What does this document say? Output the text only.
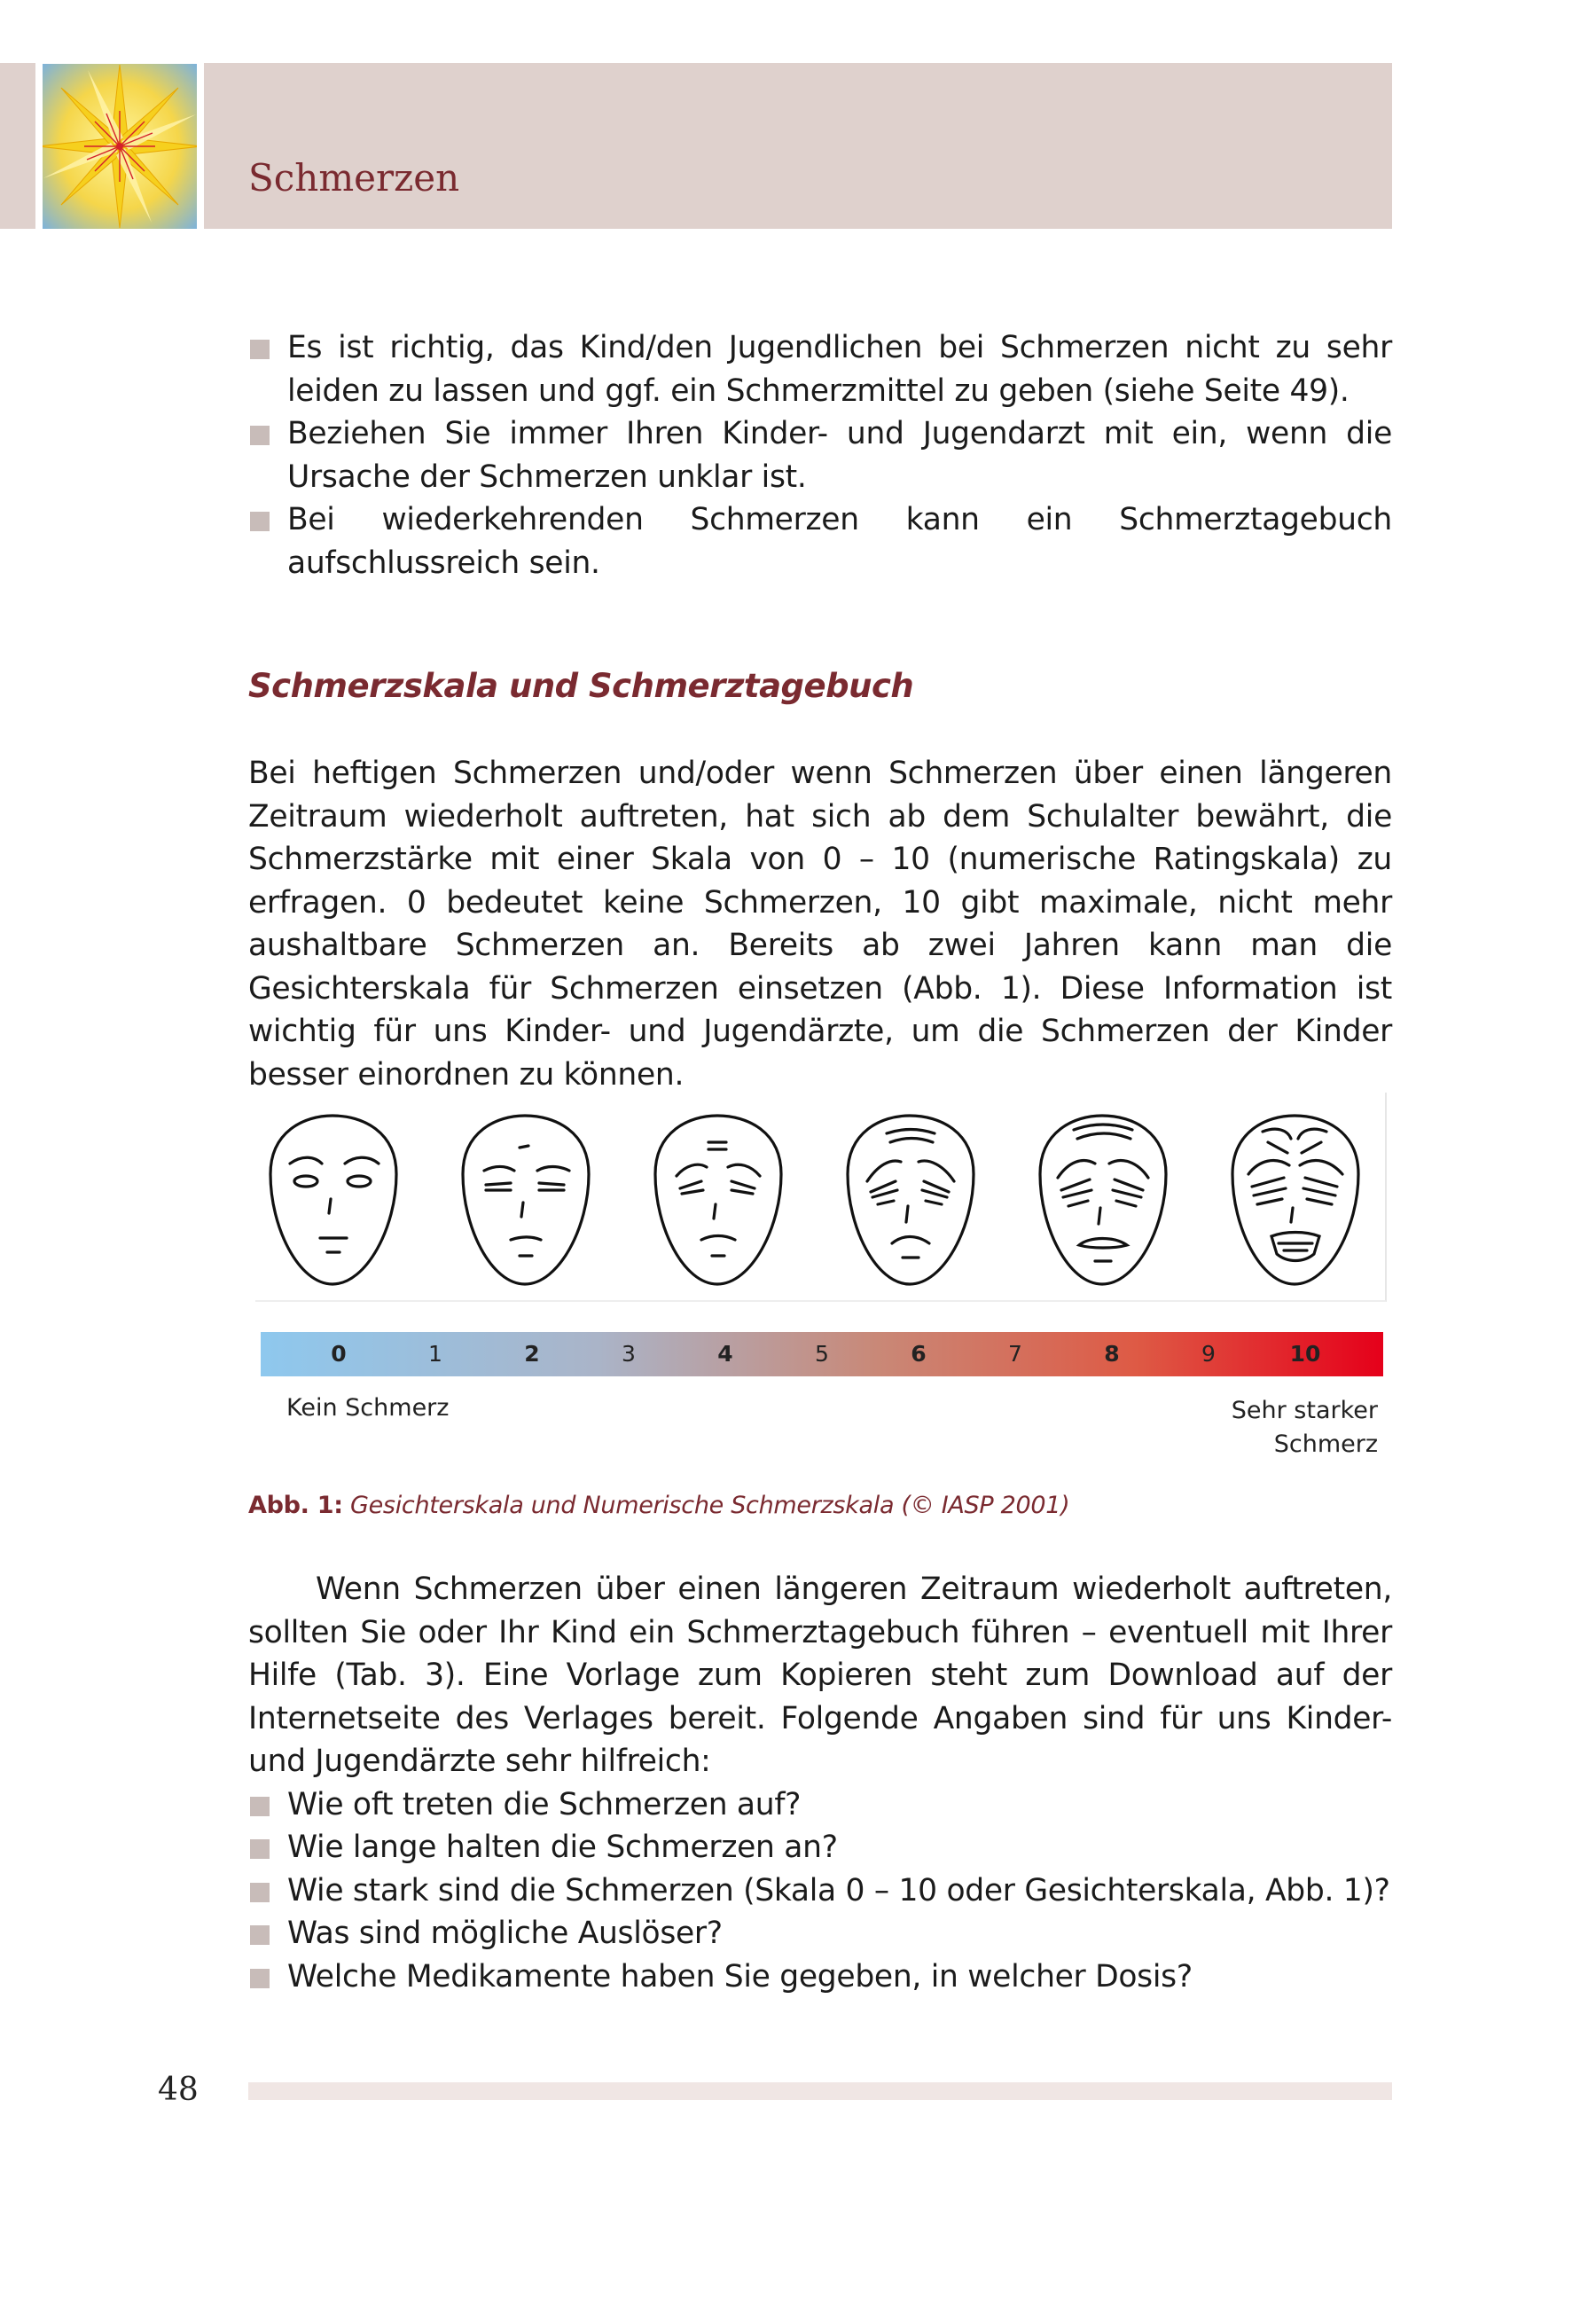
Schmerzen
Es ist richtig, das Kind/den Jugendlichen bei Schmerzen nicht zu sehr leiden zu lassen und ggf. ein Schmerzmittel zu geben (siehe Seite 49).
Beziehen Sie immer Ihren Kinder- und Jugendarzt mit ein, wenn die Ursache der Schmerzen unklar ist.
Bei wiederkehrenden Schmerzen kann ein Schmerztagebuch aufschlussreich sein.
Schmerzskala und Schmerztagebuch

Bei heftigen Schmerzen und/oder wenn Schmerzen über einen längeren Zeitraum wiederholt auftreten, hat sich ab dem Schulalter bewährt, die Schmerzstärke mit einer Skala von 0 – 10 (numerische Ratingskala) zu erfragen. 0 bedeutet keine Schmerzen, 10 gibt maximale, nicht mehr aushaltbare Schmerzen an. Bereits ab zwei Jahren kann man die Gesichterskala für Schmerzen einsetzen (Abb. 1). Diese Information ist wichtig für uns Kinder- und Jugendärzte, um die Schmerzen der Kinder besser einordnen zu können.

0	1	2	3	4	5	6	7	8	9	10
Kein Schmerz	Sehr starker
Schmerz
Abb. 1: Gesichterskala und Numerische Schmerzskala (© IASP 2001)

Wenn Schmerzen über einen längeren Zeitraum wiederholt auftreten, sollten Sie oder Ihr Kind ein Schmerztagebuch führen – eventuell mit Ihrer Hilfe (Tab. 3). Eine Vorlage zum Kopieren steht zum Download auf der Internetseite des Verlages bereit. Folgende Angaben sind für uns Kinder- und Jugendärzte sehr hilfreich:

Wie oft treten die Schmerzen auf?
Wie lange halten die Schmerzen an?
Wie stark sind die Schmerzen (Skala 0 – 10 oder Gesichterskala, Abb. 1)?
Was sind mögliche Auslöser?
Welche Medikamente haben Sie gegeben, in welcher Dosis?
48
